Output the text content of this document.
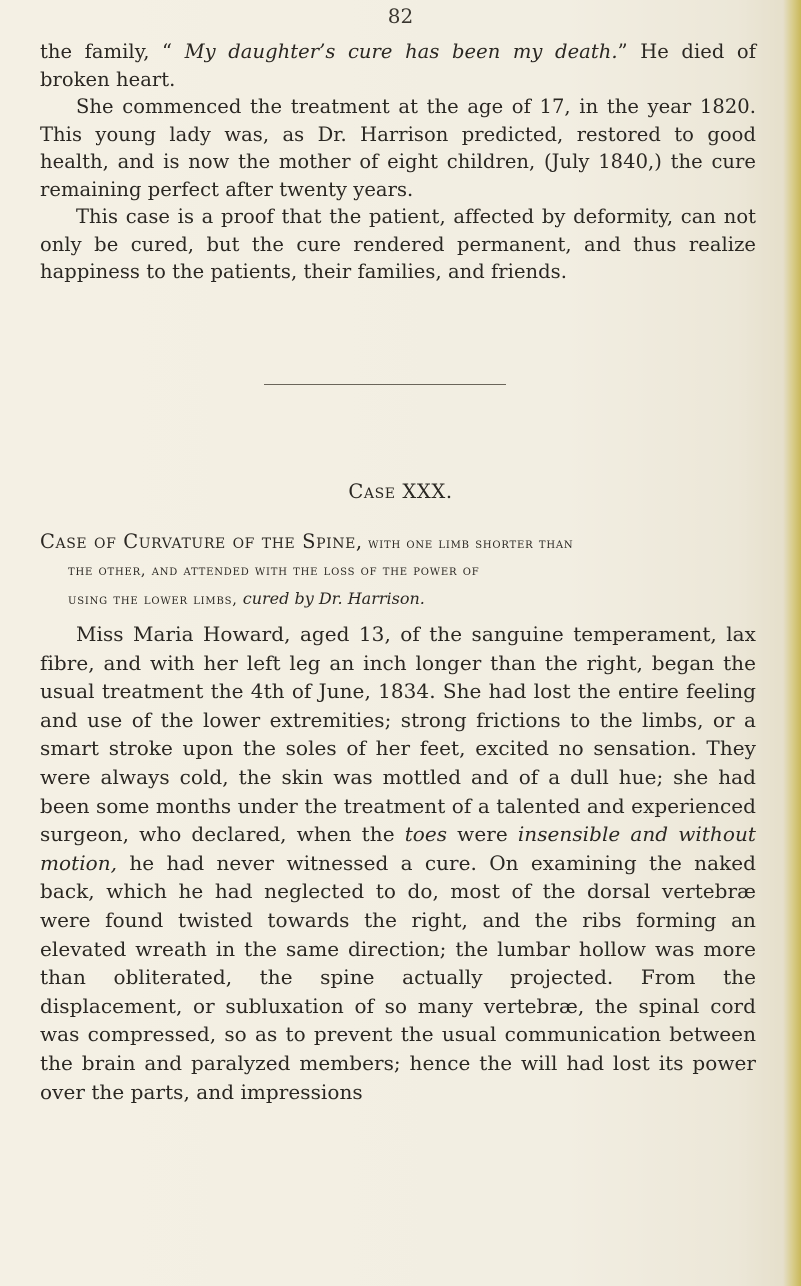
82

the family, “ My daughter’s cure has been my death.” He died of broken heart.

She commenced the treatment at the age of 17, in the year 1820. This young lady was, as Dr. Harrison predicted, restored to good health, and is now the mother of eight children, (July 1840,) the cure remaining perfect after twenty years.

This case is a proof that the patient, affected by deformity, can not only be cured, but the cure rendered permanent, and thus realize happiness to the patients, their families, and friends.

Case XXX.
Case of Curvature of the Spine, with one limb shorter than
the other, and attended with the loss of the power of
using the lower limbs, cured by Dr. Harrison.

Miss Maria Howard, aged 13, of the sanguine temperament, lax fibre, and with her left leg an inch longer than the right, began the usual treatment the 4th of June, 1834. She had lost the entire feeling and use of the lower extremities; strong frictions to the limbs, or a smart stroke upon the soles of her feet, excited no sensation. They were always cold, the skin was mottled and of a dull hue; she had been some months under the treatment of a talented and experienced surgeon, who declared, when the toes were insensible and without motion, he had never witnessed a cure. On examining the naked back, which he had neglected to do, most of the dorsal vertebræ were found twisted towards the right, and the ribs forming an elevated wreath in the same direction; the lumbar hollow was more than obliterated, the spine actually projected. From the displacement, or subluxation of so many vertebræ, the spinal cord was compressed, so as to prevent the usual communication between the brain and paralyzed members; hence the will had lost its power over the parts, and impressions
